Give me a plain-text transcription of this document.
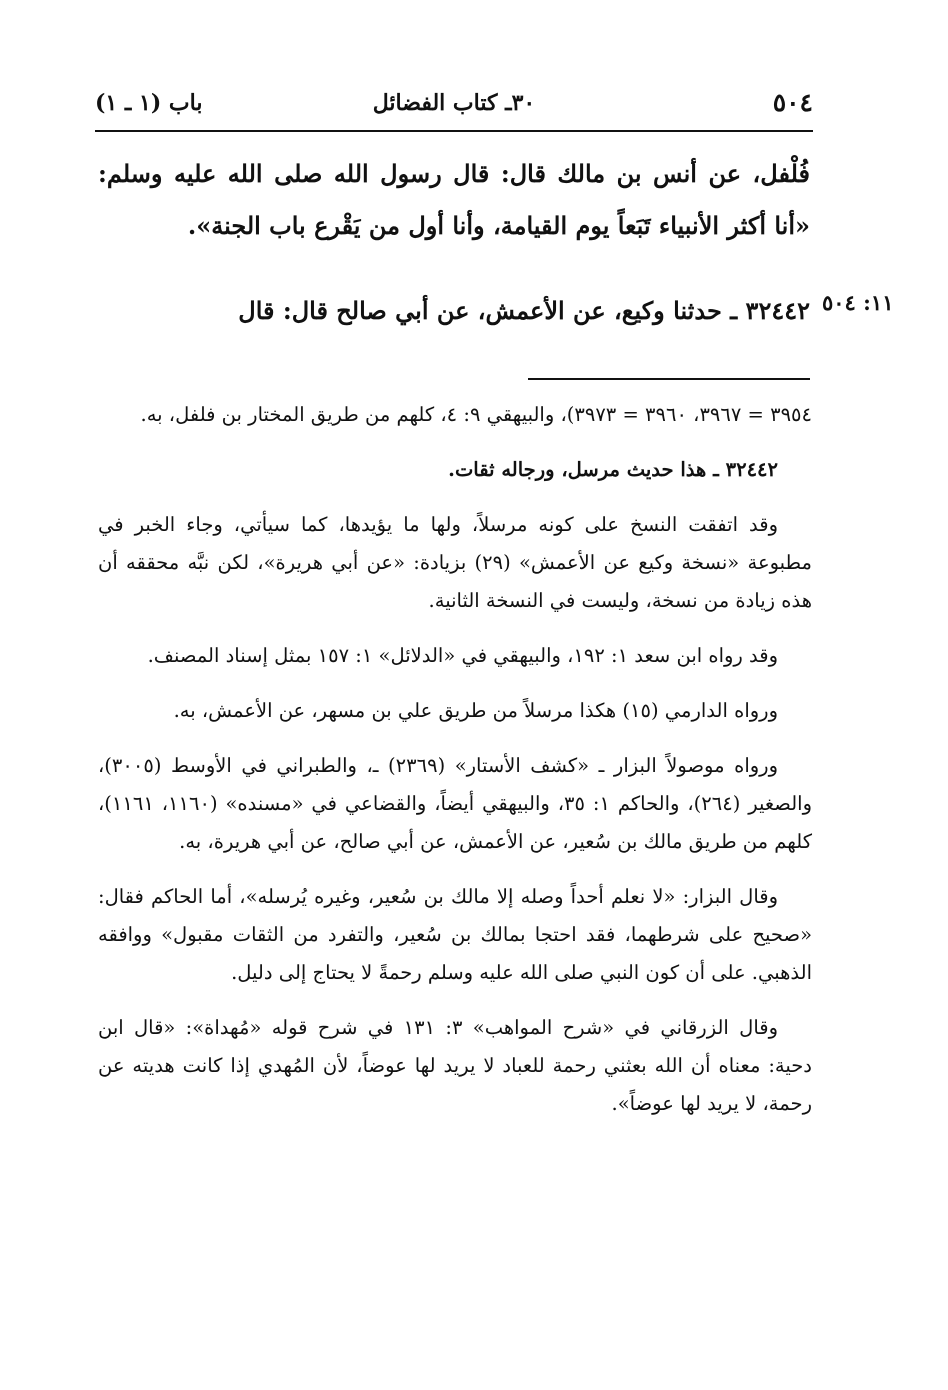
٥٠٤
٣٠ـ كتاب الفضائل
باب (١ ـ ١)
فُلْفل، عن أنس بن مالك قال: قال رسول الله صلى الله عليه وسلم: «أنا أكثر الأنبياء تَبَعاً يوم القيامة، وأنا أول من يَقْرع باب الجنة».
٣٢٤٤٢ ـ حدثنا وكيع، عن الأعمش، عن أبي صالح قال: قال ١١: ٥٠٤

٣٩٥٤ = ٣٩٦٧، ٣٩٦٠ = ٣٩٧٣)، والبيهقي ٩: ٤، كلهم من طريق المختار بن فلفل، به.

٣٢٤٤٢ ـ هذا حديث مرسل، ورجاله ثقات.

وقد اتفقت النسخ على كونه مرسلاً، ولها ما يؤيدها، كما سيأتي، وجاء الخبر في مطبوعة «نسخة وكيع عن الأعمش» (٢٩) بزيادة: «عن أبي هريرة»، لكن نبَّه محققه أن هذه زيادة من نسخة، وليست في النسخة الثانية.

وقد رواه ابن سعد ١: ١٩٢، والبيهقي في «الدلائل» ١: ١٥٧ بمثل إسناد المصنف.

ورواه الدارمي (١٥) هكذا مرسلاً من طريق علي بن مسهر، عن الأعمش، به.

ورواه موصولاً البزار ـ «كشف الأستار» (٢٣٦٩) ـ، والطبراني في الأوسط (٣٠٠٥)، والصغير (٢٦٤)، والحاكم ١: ٣٥، والبيهقي أيضاً، والقضاعي في «مسنده» (١١٦٠، ١١٦١)، كلهم من طريق مالك بن سُعير، عن الأعمش، عن أبي صالح، عن أبي هريرة، به.

وقال البزار: «لا نعلم أحداً وصله إلا مالك بن سُعير، وغيره يُرسله»، أما الحاكم فقال: «صحيح على شرطهما، فقد احتجا بمالك بن سُعير، والتفرد من الثقات مقبول» ووافقه الذهبي. على أن كون النبي صلى الله عليه وسلم رحمةً لا يحتاج إلى دليل.

وقال الزرقاني في «شرح المواهب» ٣: ١٣١ في شرح قوله «مُهداة»: «قال ابن دحية: معناه أن الله بعثني رحمة للعباد لا يريد لها عوضاً، لأن المُهدي إذا كانت هديته عن رحمة، لا يريد لها عوضاً».
